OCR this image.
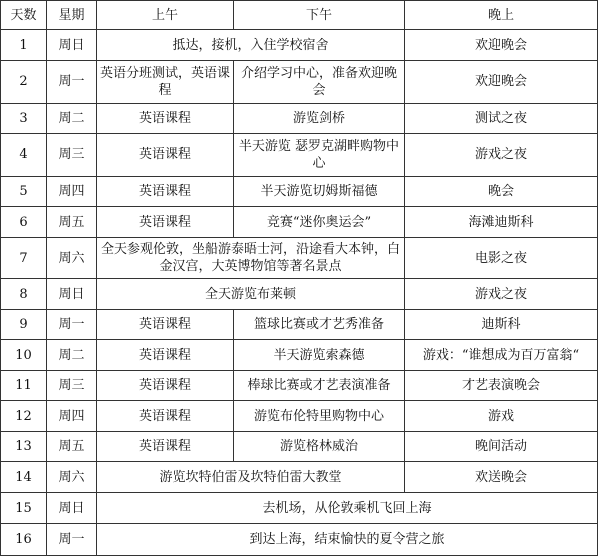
天数	星期	上午	下午	晚上
1	周日	抵达，接机，入住学校宿舍		欢迎晚会
2	周一	英语分班测试，英语课程	介绍学习中心，准备欢迎晚会	欢迎晚会
3	周二	英语课程	游览剑桥	测试之夜
4	周三	英语课程	半天游览 瑟罗克湖畔购物中心	游戏之夜
5	周四	英语课程	半天游览切姆斯福德	晚会
6	周五	英语课程	竞赛“迷你奥运会”	海滩迪斯科
7	周六	全天参观伦敦，坐船游泰晤士河，沿途看大本钟，白金汉宫，大英博物馆等著名景点		电影之夜
8	周日	全天游览布莱顿		游戏之夜
9	周一	英语课程	篮球比赛或才艺秀准备	迪斯科
10	周二	英语课程	半天游览索森德	游戏：“谁想成为百万富翁“
11	周三	英语课程	棒球比赛或才艺表演准备	才艺表演晚会
12	周四	英语课程	游览布伦特里购物中心	游戏
13	周五	英语课程	游览格林威治	晚间活动
14	周六	游览坎特伯雷及坎特伯雷大教堂		欢送晚会
15	周日	去机场，从伦敦乘机飞回上海		
16	周一	到达上海，结束愉快的夏令营之旅		
